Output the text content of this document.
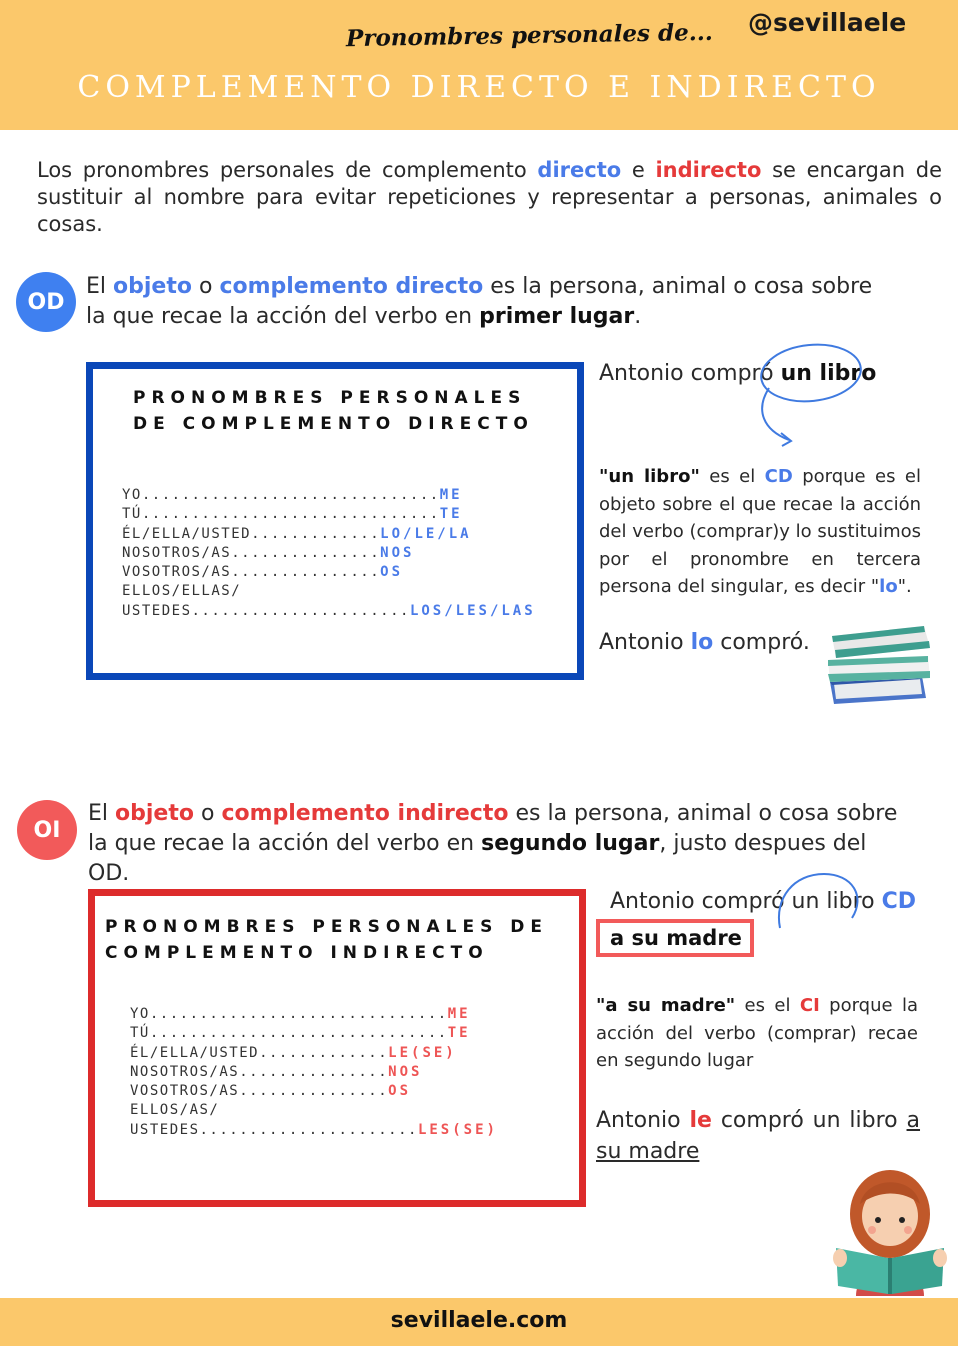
Pronombres personales de... @sevillaele
COMPLEMENTO DIRECTO E INDIRECTO
Los pronombres personales de complemento directo e indirecto se encargan de sustituir al nombre para evitar repeticiones y representar a personas, animales o cosas.
OD
El objeto o complemento directo es la persona, animal o cosa sobre la que recae la acción del verbo en primer lugar.
PRONOMBRES PERSONALES
DE COMPLEMENTO DIRECTO
YO..............................ME
TÚ..............................TE
ÉL/ELLA/USTED.............LO/LE/LA
NOSOTROS/AS...............NOS
VOSOTROS/AS...............OS
ELLOS/ELLAS/
USTEDES......................LOS/LES/LAS
Antonio compró un libro
"un libro" es el CD porque es el objeto sobre el que recae la acción del verbo (comprar)y lo sustituimos por el pronombre en tercera persona del singular, es decir "lo".
Antonio lo compró.
OI
El objeto o complemento indirecto es la persona, animal o cosa sobre la que recae la acción del verbo en segundo lugar, justo despues del OD.
PRONOMBRES PERSONALES DE
COMPLEMENTO INDIRECTO
YO..............................ME
TÚ..............................TE
ÉL/ELLA/USTED.............LE(SE)
NOSOTROS/AS...............NOS
VOSOTROS/AS...............OS
ELLOS/AS/
USTEDES......................LES(SE)
Antonio compró un libro CD
a su madre
"a su madre" es el CI porque la acción del verbo (comprar) recae en segundo lugar
Antonio le compró un libro a su madre
sevillaele.com
